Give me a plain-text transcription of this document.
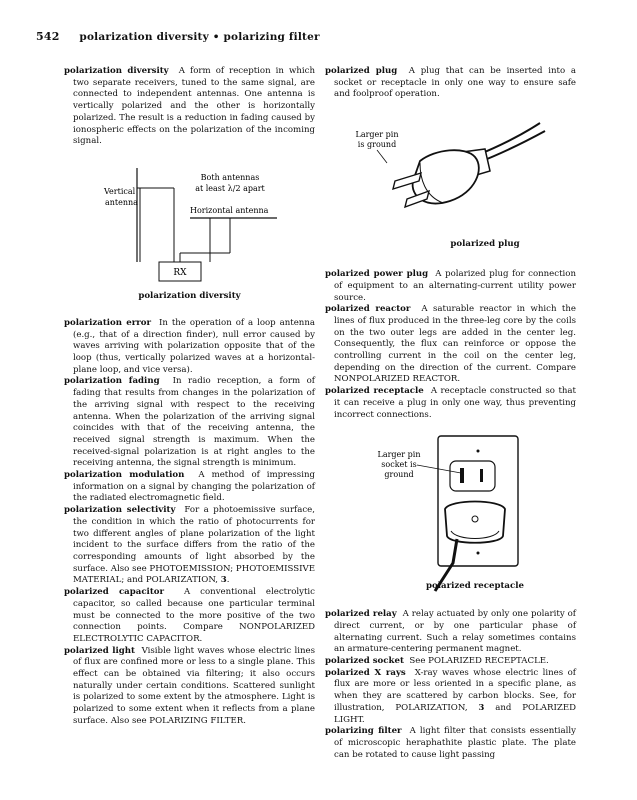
542 polarization diversity • polarizing filter

polarization diversity A form of reception in which two separate receivers, tuned to the same signal, are connected to independent antennas. One antenna is vertically polarized and the other is horizontally polarized. The result is a reduction in fading caused by ionospheric effects on the polarization of the incoming signal.

RX
Vertical
antenna
Both antennas
at least λ/2 apart
Horizontal antenna
polarization diversity

polarization error In the operation of a loop antenna (e.g., that of a direction finder), null error caused by waves arriving with polarization opposite that of the loop (thus, vertically polarized waves at a horizontal-plane loop, and vice versa).

polarization fading In radio reception, a form of fading that results from changes in the polarization of the arriving signal with respect to the receiving antenna. When the polarization of the arriving signal coincides with that of the receiving antenna, the received signal strength is maximum. When the received-signal polarization is at right angles to the receiving antenna, the signal strength is minimum.

polarization modulation A method of impressing information on a signal by changing the polarization of the radiated electromagnetic field.

polarization selectivity For a photoemissive surface, the condition in which the ratio of photocurrents for two different angles of plane polarization of the light incident to the surface differs from the ratio of the corresponding amounts of light absorbed by the surface. Also see PHOTOEMISSION; PHOTOEMISSIVE MATERIAL; and POLARIZATION, 3.

polarized capacitor A conventional electrolytic capacitor, so called because one particular terminal must be connected to the more positive of the two connection points. Compare NONPOLARIZED ELECTROLYTIC CAPACITOR.

polarized light Visible light waves whose electric lines of flux are confined more or less to a single plane. This effect can be obtained via filtering; it also occurs naturally under certain conditions. Scattered sunlight is polarized to some extent by the atmosphere. Light is polarized to some extent when it reflects from a plane surface. Also see POLARIZING FILTER.

polarized plug A plug that can be inserted into a socket or receptacle in only one way to ensure safe and foolproof operation.

Larger pin
is ground
polarized plug

polarized power plug A polarized plug for connection of equipment to an alternating-current utility power source.

polarized reactor A saturable reactor in which the lines of flux produced in the three-leg core by the coils on the two outer legs are added in the center leg. Consequently, the flux can reinforce or oppose the controlling current in the coil on the center leg, depending on the direction of the current. Compare NONPOLARIZED REACTOR.

polarized receptacle A receptacle constructed so that it can receive a plug in only one way, thus preventing incorrect connections.

Larger pin
socket is
ground
polarized receptacle

polarized relay A relay actuated by only one polarity of direct current, or by one particular phase of alternating current. Such a relay sometimes contains an armature-centering permanent magnet.

polarized socket See POLARIZED RECEPTACLE.

polarized X rays X-ray waves whose electric lines of flux are more or less oriented in a specific plane, as when they are scattered by carbon blocks. See, for illustration, POLARIZATION, 3 and POLARIZED LIGHT.

polarizing filter A light filter that consists essentially of microscopic heraphathite plastic plate. The plate can be rotated to cause light passing
